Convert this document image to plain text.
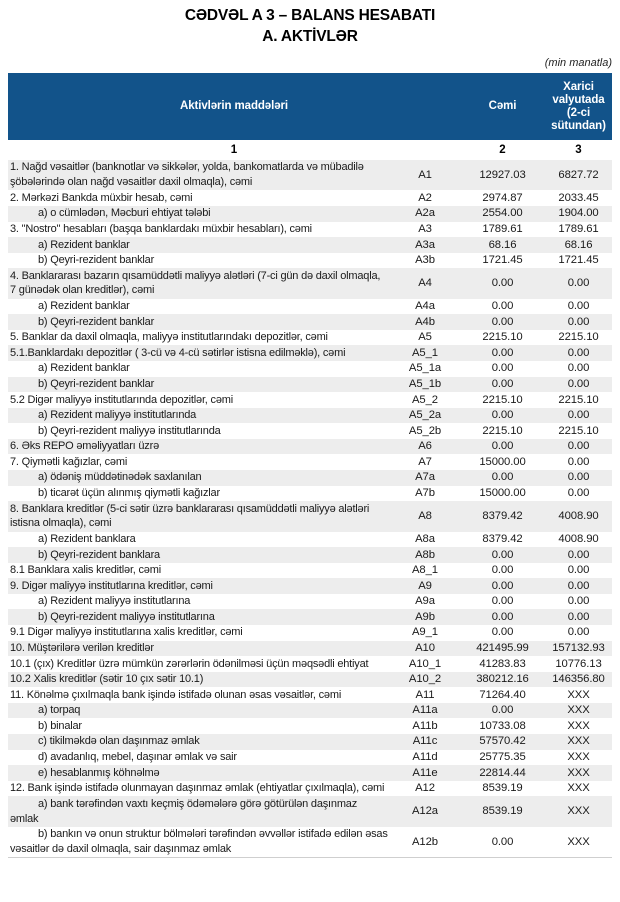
CƏDVƏL A 3 – BALANS HESABATI
A. AKTİVLƏR
(min manatla)
Aktivlərin maddələri	Cəmi
Xarici valyutada (2-ci sütundan)
1	2	3
1. Nağd vəsaitlər (banknotlar və sikkələr, yolda, bankomatlarda və mübadilə şöbələrində olan nağd vəsaitlər daxil olmaqla), cəmi
A1	12927.03	6827.72
2. Mərkəzi Bankda müxbir hesab, cəmi	A2	2974.87	2033.45
a) o cümlədən, Məcburi ehtiyat tələbi	A2a	2554.00	1904.00
3. "Nostro" hesabları (başqa banklardakı müxbir hesabları), cəmi	A3	1789.61	1789.61
a) Rezident banklar	A3a	68.16	68.16
b) Qeyri-rezident banklar	A3b	1721.45	1721.45
4. Banklararası bazarın qısamüddətli maliyyə alətləri (7-ci gün də daxil olmaqla, 7 günədək olan kreditlər), cəmi
A4	0.00	0.00
a) Rezident banklar	A4a	0.00	0.00
b) Qeyri-rezident banklar	A4b	0.00	0.00
5. Banklar da daxil olmaqla, maliyyə institutlarındakı depozitlər, cəmi	A5	2215.10	2215.10
5.1.Banklardakı depozitlər ( 3-cü və 4-cü sətirlər istisna edilməklə), cəmi	A5_1	0.00	0.00
a) Rezident banklar	A5_1a	0.00	0.00
b) Qeyri-rezident banklar	A5_1b	0.00	0.00
5.2 Digər maliyyə institutlarında depozitlər, cəmi	A5_2	2215.10	2215.10
a) Rezident maliyyə institutlarında	A5_2a	0.00	0.00
b) Qeyri-rezident maliyyə institutlarında	A5_2b	2215.10	2215.10
6. Əks REPO əməliyyatları üzrə	A6	0.00	0.00
7. Qiymətli kağızlar, cəmi	A7	15000.00	0.00
a) ödəniş müddətinədək saxlanılan	A7a	0.00	0.00
b) ticarət üçün alınmış qiymətli kağızlar	A7b	15000.00	0.00
8. Banklara kreditlər (5-ci sətir üzrə banklararası qısamüddətli maliyyə alətləri istisna olmaqla), cəmi
A8	8379.42	4008.90
a) Rezident banklara	A8a	8379.42	4008.90
b) Qeyri-rezident banklara	A8b	0.00	0.00
8.1 Banklara xalis kreditlər, cəmi	A8_1	0.00	0.00
9. Digər maliyyə institutlarına kreditlər, cəmi	A9	0.00	0.00
a) Rezident maliyyə institutlarına	A9a	0.00	0.00
b) Qeyri-rezident maliyyə institutlarına	A9b	0.00	0.00
9.1 Digər maliyyə institutlarına xalis kreditlər, cəmi	A9_1	0.00	0.00
10. Müştərilərə verilən kreditlər	A10	421495.99	157132.93
10.1 (çıx) Kreditlər üzrə mümkün zərərlərin ödənilməsi üçün məqsədli ehtiyat	A10_1	41283.83	10776.13
10.2 Xalis kreditlər (sətir 10 çıx sətir 10.1)	A10_2	380212.16	146356.80
11. Könəlmə çıxılmaqla bank işində istifadə olunan əsas vəsaitlər, cəmi	A11	71264.40	XXX
a) torpaq	A11a	0.00	XXX
b) binalar	A11b	10733.08	XXX
c) tikilməkdə olan daşınmaz əmlak	A11c	57570.42	XXX
d) avadanlıq, mebel, daşınar əmlak və sair	A11d	25775.35	XXX
e) hesablanmış köhnəlmə	A11e	22814.44	XXX
12. Bank işində istifadə olunmayan daşınmaz əmlak (ehtiyatlar çıxılmaqla), cəmi	A12	8539.19	XXX
a) bank tərəfindən vaxtı keçmiş ödəmələrə görə götürülən daşınmaz əmlak
A12a	8539.19	XXX
b) bankın və onun struktur bölmələri tərəfindən əvvəllər istifadə edilən əsas vəsaitlər də daxil olmaqla, sair daşınmaz əmlak
A12b	0.00	XXX
